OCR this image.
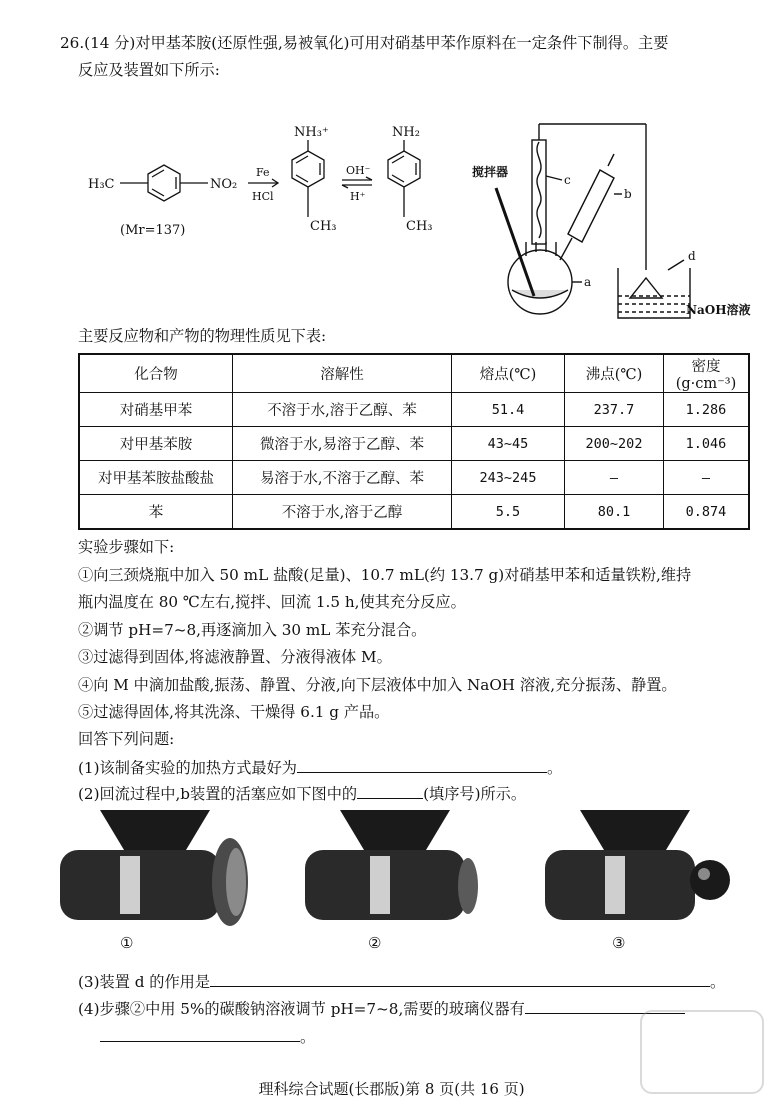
26.(14 分)对甲基苯胺(还原性强,易被氧化)可用对硝基甲苯作原料在一定条件下制得。主要
反应及装置如下所示:
H₃C	NO₂
(Mr=137)
Fe
HCl
NH₃⁺
CH₃
OH⁻
H⁺
NH₂
CH₃
搅拌器
c
b
a
d
NaOH溶液
主要反应物和产物的物理性质见下表:
化合物	溶解性	熔点(℃)	沸点(℃)	密度(g·cm⁻³)
对硝基甲苯	不溶于水,溶于乙醇、苯	51.4	237.7	1.286
对甲基苯胺	微溶于水,易溶于乙醇、苯	43~45	200~202	1.046
对甲基苯胺盐酸盐	易溶于水,不溶于乙醇、苯	243~245	—	—
苯	不溶于水,溶于乙醇	5.5	80.1	0.874
实验步骤如下:
①向三颈烧瓶中加入 50 mL 盐酸(足量)、10.7 mL(约 13.7 g)对硝基甲苯和适量铁粉,维持
瓶内温度在 80 ℃左右,搅拌、回流 1.5 h,使其充分反应。
②调节 pH=7~8,再逐滴加入 30 mL 苯充分混合。
③过滤得到固体,将滤液静置、分液得液体 M。
④向 M 中滴加盐酸,振荡、静置、分液,向下层液体中加入 NaOH 溶液,充分振荡、静置。
⑤过滤得固体,将其洗涤、干燥得 6.1 g 产品。
回答下列问题:
(1)该制备实验的加热方式最好为	。
(2)回流过程中,b装置的活塞应如下图中的	(填序号)所示。
①	②	③
(3)装置 d 的作用是	。
(4)步骤②中用 5%的碳酸钠溶液调节 pH=7~8,需要的玻璃仪器有
。
理科综合试题(长郡版)第 8 页(共 16 页)
